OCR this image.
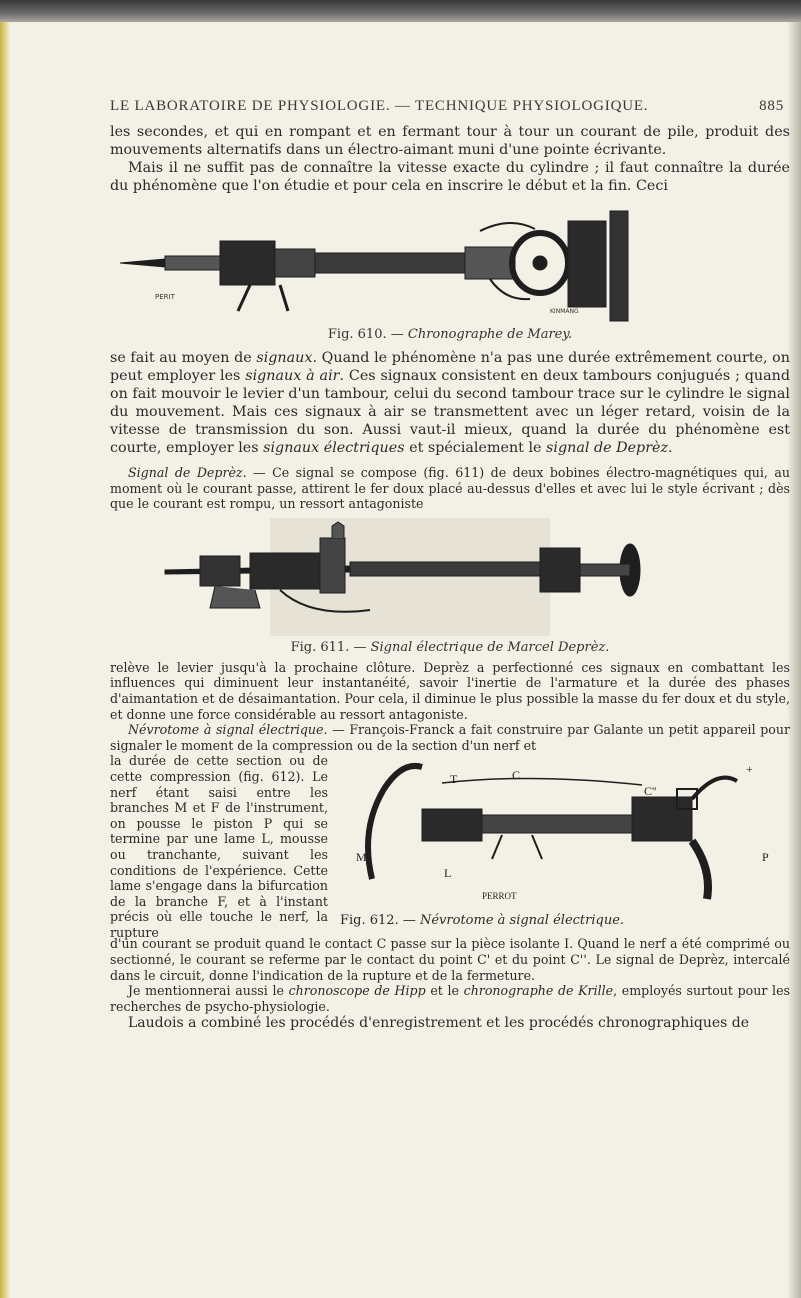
LE LABORATOIRE DE PHYSIOLOGIE. — TECHNIQUE PHYSIOLOGIQUE.	885

les secondes, et qui en rompant et en fermant tour à tour un courant de pile, produit des mouvements alternatifs dans un électro-aimant muni d'une pointe écrivante.

Mais il ne suffit pas de connaître la vitesse exacte du cylindre ; il faut connaître la durée du phénomène que l'on étudie et pour cela en inscrire le début et la fin. Ceci

PERIT
KINMANG
Fig. 610. — Chronographe de Marey.

se fait au moyen de signaux. Quand le phénomène n'a pas une durée extrêmement courte, on peut employer les signaux à air. Ces signaux consistent en deux tambours conjugués ; quand on fait mouvoir le levier d'un tambour, celui du second tambour trace sur le cylindre le signal du mouvement. Mais ces signaux à air se transmettent avec un léger retard, voisin de la vitesse de transmission du son. Aussi vaut-il mieux, quand la durée du phénomène est courte, employer les signaux électriques et spécialement le signal de Deprèz.

Signal de Deprèz. — Ce signal se compose (fig. 611) de deux bobines électro-magnétiques qui, au moment où le courant passe, attirent le fer doux placé au-dessus d'elles et avec lui le style écrivant ; dès que le courant est rompu, un ressort antagoniste

Fig. 611. — Signal électrique de Marcel Deprèz.

relève le levier jusqu'à la prochaine clôture. Deprèz a perfectionné ces signaux en combattant les influences qui diminuent leur instantanéité, savoir l'inertie de l'armature et la durée des phases d'aimantation et de désaimantation. Pour cela, il diminue le plus possible la masse du fer doux et du style, et donne une force considérable au ressort antagoniste.

Névrotome à signal électrique. — François-Franck a fait construire par Galante un petit appareil pour signaler le moment de la compression ou de la section d'un nerf et

la durée de cette section ou de cette compression (fig. 612). Le nerf étant saisi entre les branches M et F de l'instrument, on pousse le piston P qui se termine par une lame L, mousse ou tranchante, suivant les conditions de l'expérience. Cette lame s'engage dans la bifurcation de la branche F, et à l'instant précis où elle touche le nerf, la rupture

T	C
C''
C'
P
M
L
+
PERROT
Fig. 612. — Névrotome à signal électrique.

d'un courant se produit quand le contact C passe sur la pièce isolante I. Quand le nerf a été comprimé ou sectionné, le courant se referme par le contact du point C' et du point C''. Le signal de Deprèz, intercalé dans le circuit, donne l'indication de la rupture et de la fermeture.

Je mentionnerai aussi le chronoscope de Hipp et le chronographe de Krille, employés surtout pour les recherches de psycho-physiologie.

Laudois a combiné les procédés d'enregistrement et les procédés chronographiques de
